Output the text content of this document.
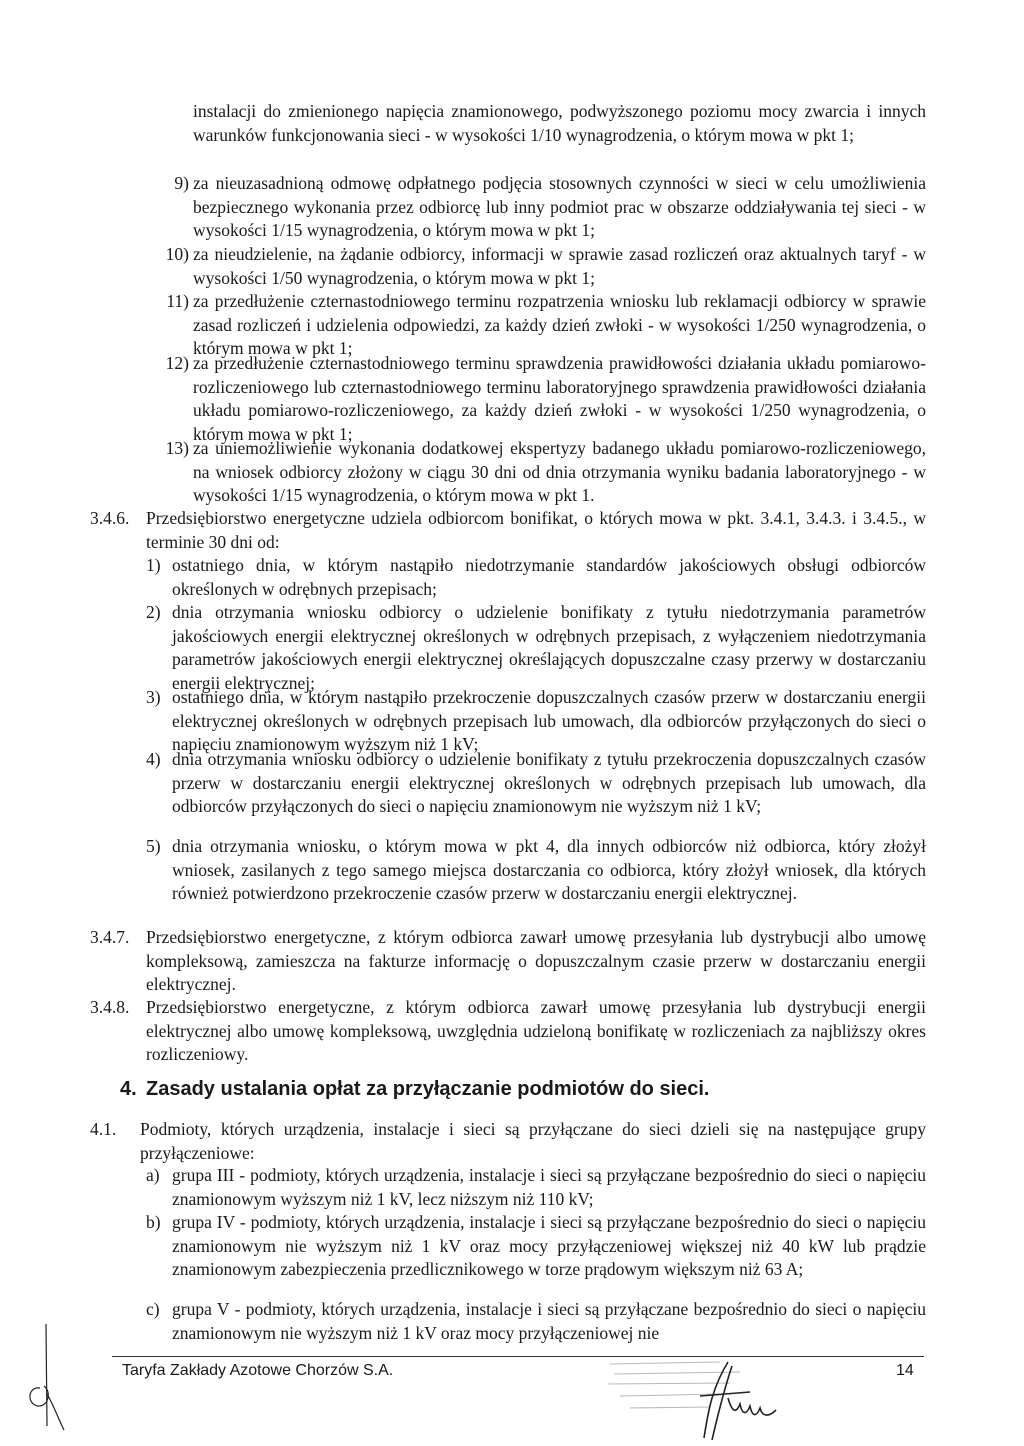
instalacji do zmienionego napięcia znamionowego, podwyższonego poziomu mocy zwarcia i innych warunków funkcjonowania sieci - w wysokości 1/10 wynagrodzenia, o którym mowa w pkt 1;
9) za nieuzasadnioną odmowę odpłatnego podjęcia stosownych czynności w sieci w celu umożliwienia bezpiecznego wykonania przez odbiorcę lub inny podmiot prac w obszarze oddziaływania tej sieci - w wysokości 1/15 wynagrodzenia, o którym mowa w pkt 1;
10) za nieudzielenie, na żądanie odbiorcy, informacji w sprawie zasad rozliczeń oraz aktualnych taryf - w wysokości 1/50 wynagrodzenia, o którym mowa w pkt 1;
11) za przedłużenie czternastodniowego terminu rozpatrzenia wniosku lub reklamacji odbiorcy w sprawie zasad rozliczeń i udzielenia odpowiedzi, za każdy dzień zwłoki - w wysokości 1/250 wynagrodzenia, o którym mowa w pkt 1;
12) za przedłużenie czternastodniowego terminu sprawdzenia prawidłowości działania układu pomiarowo-rozliczeniowego lub czternastodniowego terminu laboratoryjnego sprawdzenia prawidłowości działania układu pomiarowo-rozliczeniowego, za każdy dzień zwłoki - w wysokości 1/250 wynagrodzenia, o którym mowa w pkt 1;
13) za uniemożliwienie wykonania dodatkowej ekspertyzy badanego układu pomiarowo-rozliczeniowego, na wniosek odbiorcy złożony w ciągu 30 dni od dnia otrzymania wyniku badania laboratoryjnego - w wysokości 1/15 wynagrodzenia, o którym mowa w pkt 1.
3.4.6. Przedsiębiorstwo energetyczne udziela odbiorcom bonifikat, o których mowa w pkt. 3.4.1, 3.4.3. i 3.4.5., w terminie 30 dni od:
1) ostatniego dnia, w którym nastąpiło niedotrzymanie standardów jakościowych obsługi odbiorców określonych w odrębnych przepisach;
2) dnia otrzymania wniosku odbiorcy o udzielenie bonifikaty z tytułu niedotrzymania parametrów jakościowych energii elektrycznej określonych w odrębnych przepisach, z wyłączeniem niedotrzymania parametrów jakościowych energii elektrycznej określających dopuszczalne czasy przerwy w dostarczaniu energii elektrycznej;
3) ostatniego dnia, w którym nastąpiło przekroczenie dopuszczalnych czasów przerw w dostarczaniu energii elektrycznej określonych w odrębnych przepisach lub umowach, dla odbiorców przyłączonych do sieci o napięciu znamionowym wyższym niż 1 kV;
4) dnia otrzymania wniosku odbiorcy o udzielenie bonifikaty z tytułu przekroczenia dopuszczalnych czasów przerw w dostarczaniu energii elektrycznej określonych w odrębnych przepisach lub umowach, dla odbiorców przyłączonych do sieci o napięciu znamionowym nie wyższym niż 1 kV;
5) dnia otrzymania wniosku, o którym mowa w pkt 4, dla innych odbiorców niż odbiorca, który złożył wniosek, zasilanych z tego samego miejsca dostarczania co odbiorca, który złożył wniosek, dla których również potwierdzono przekroczenie czasów przerw w dostarczaniu energii elektrycznej.
3.4.7. Przedsiębiorstwo energetyczne, z którym odbiorca zawarł umowę przesyłania lub dystrybucji albo umowę kompleksową, zamieszcza na fakturze informację o dopuszczalnym czasie przerw w dostarczaniu energii elektrycznej.
3.4.8. Przedsiębiorstwo energetyczne, z którym odbiorca zawarł umowę przesyłania lub dystrybucji energii elektrycznej albo umowę kompleksową, uwzględnia udzieloną bonifikatę w rozliczeniach za najbliższy okres rozliczeniowy.
4. Zasady ustalania opłat za przyłączanie podmiotów do sieci.
4.1. Podmioty, których urządzenia, instalacje i sieci są przyłączane do sieci dzieli się na następujące grupy przyłączeniowe:
a) grupa III - podmioty, których urządzenia, instalacje i sieci są przyłączane bezpośrednio do sieci o napięciu znamionowym wyższym niż 1 kV, lecz niższym niż 110 kV;
b) grupa IV - podmioty, których urządzenia, instalacje i sieci są przyłączane bezpośrednio do sieci o napięciu znamionowym nie wyższym niż 1 kV oraz mocy przyłączeniowej większej niż 40 kW lub prądzie znamionowym zabezpieczenia przedlicznikowego w torze prądowym większym niż 63 A;
c) grupa V - podmioty, których urządzenia, instalacje i sieci są przyłączane bezpośrednio do sieci o napięciu znamionowym nie wyższym niż 1 kV oraz mocy przyłączeniowej nie
Taryfa Zakłady Azotowe Chorzów S.A.	14
